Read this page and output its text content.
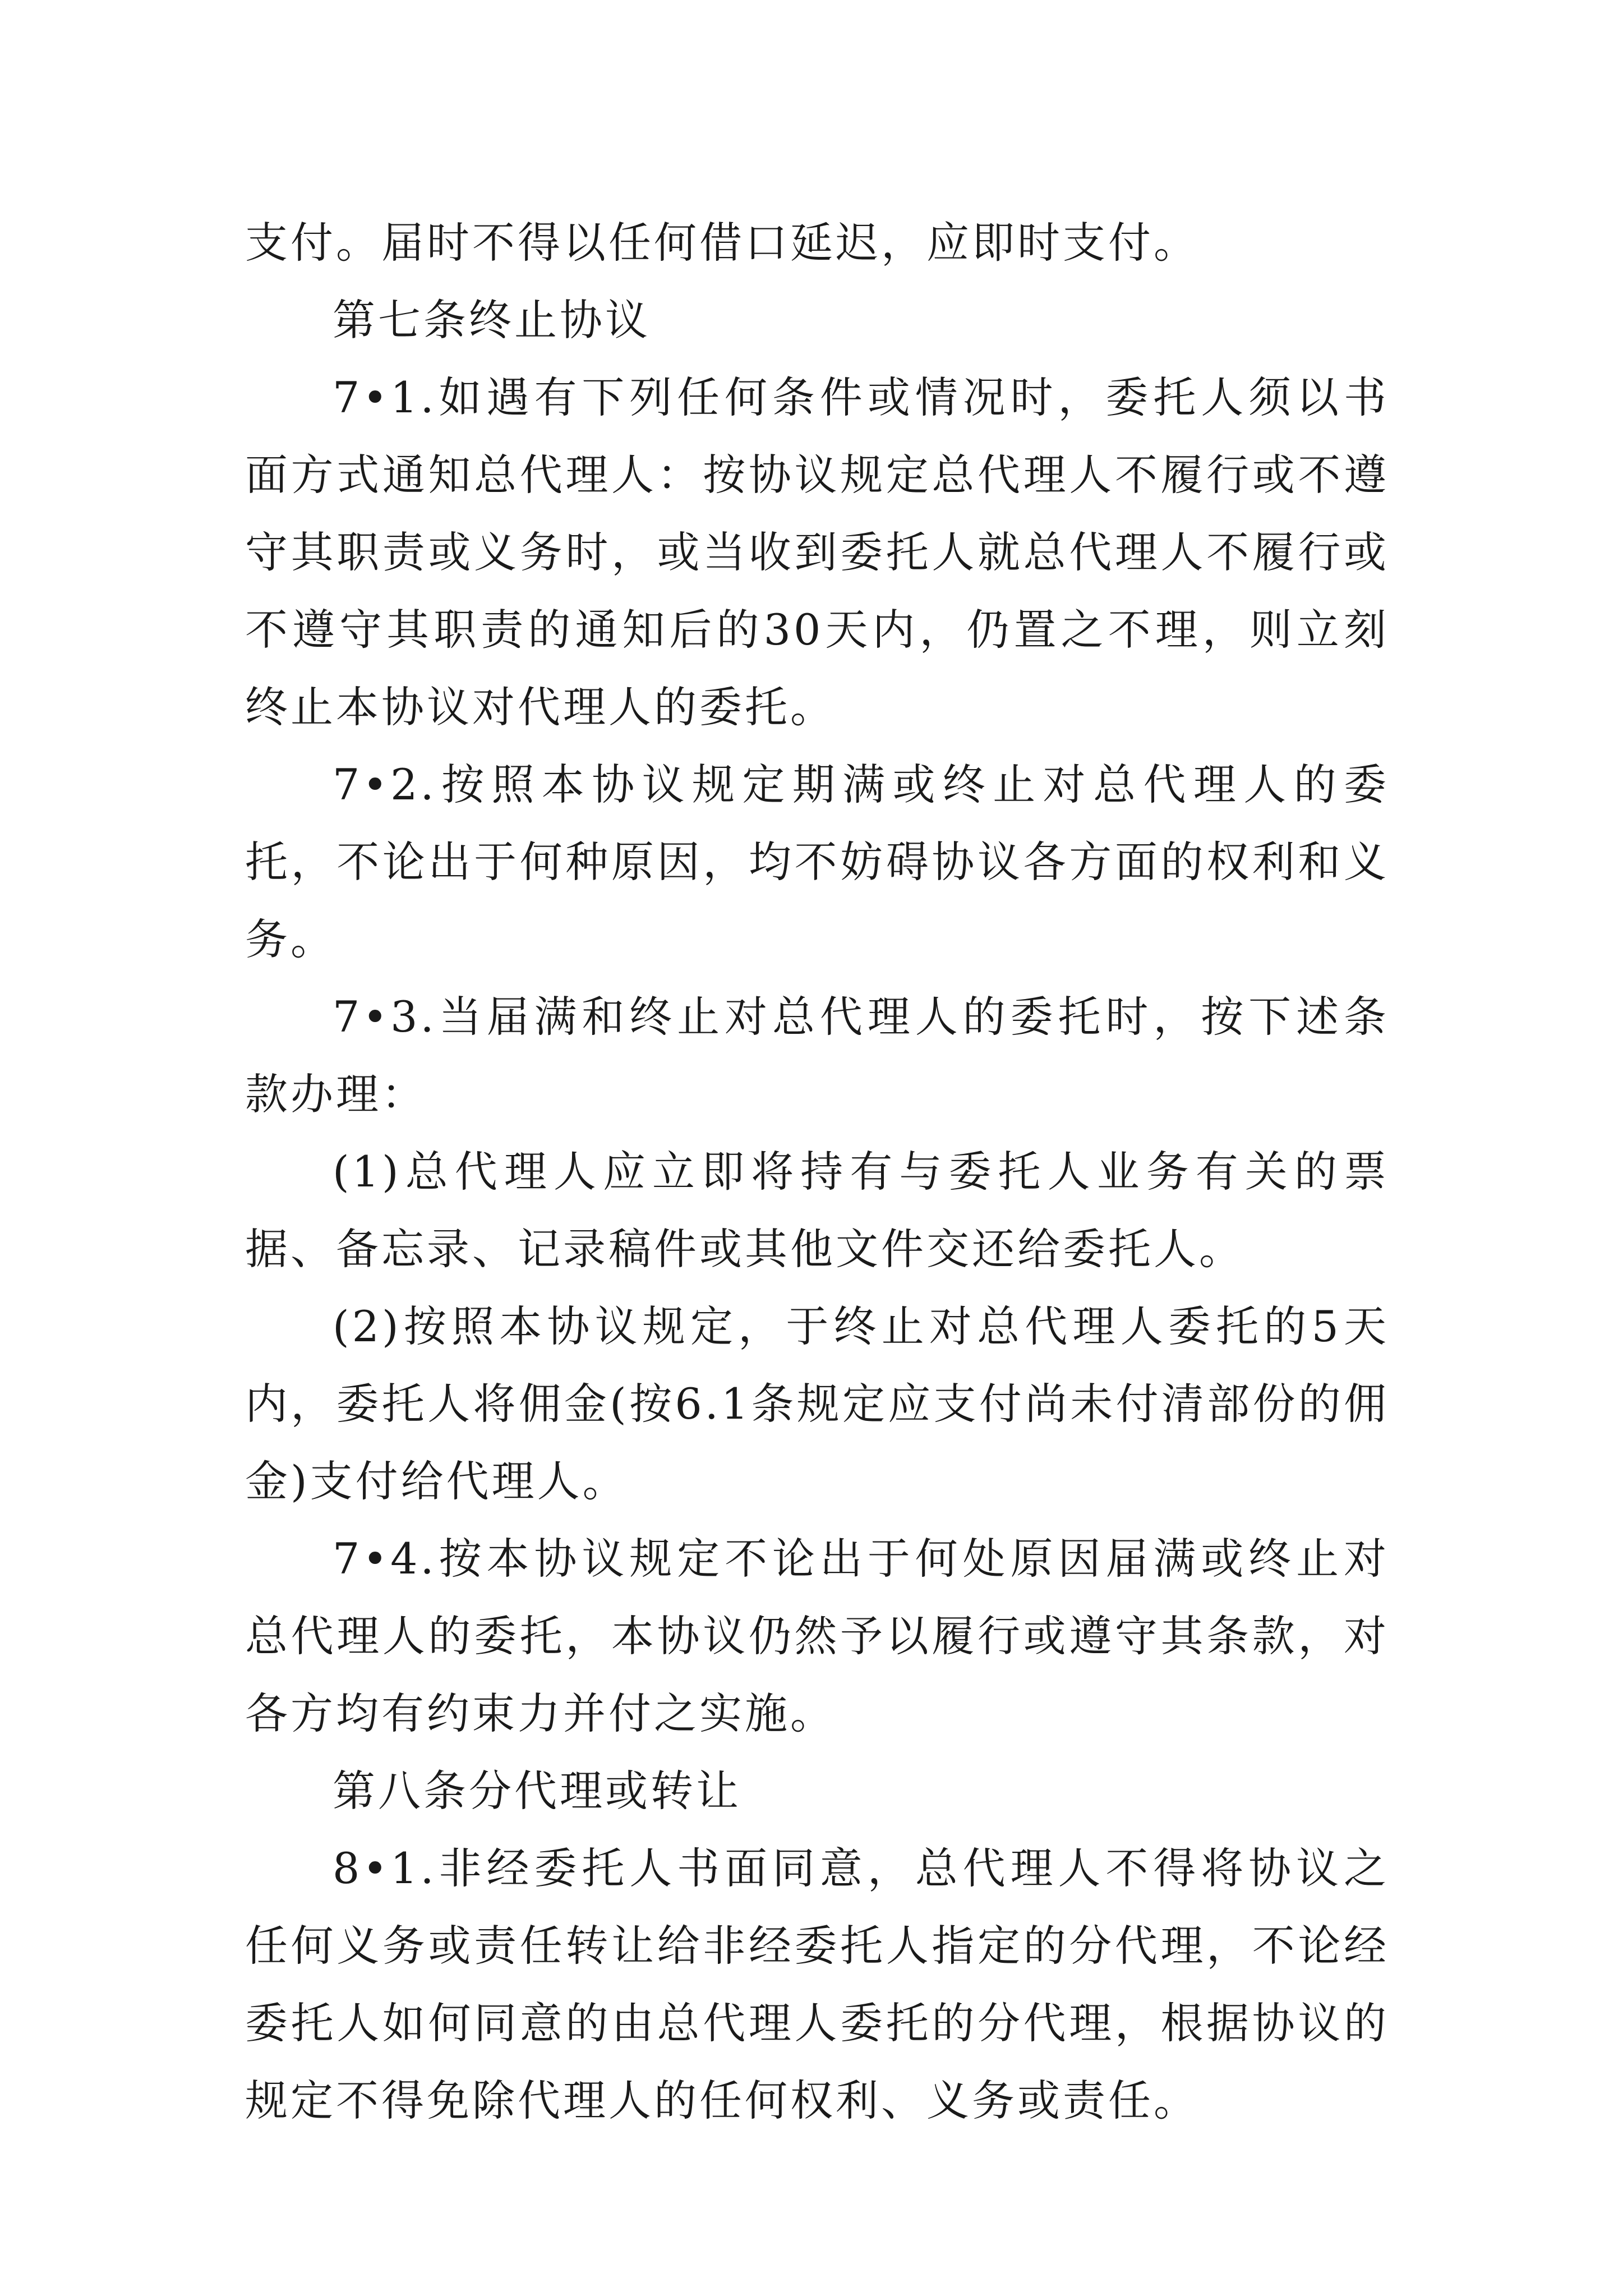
支付。届时不得以任何借口延迟，应即时支付。

第七条终止协议

7•1.如遇有下列任何条件或情况时，委托人须以书面方式通知总代理人：按协议规定总代理人不履行或不遵守其职责或义务时，或当收到委托人就总代理人不履行或不遵守其职责的通知后的30天内，仍置之不理，则立刻终止本协议对代理人的委托。

7•2.按照本协议规定期满或终止对总代理人的委托，不论出于何种原因，均不妨碍协议各方面的权利和义务。

7•3.当届满和终止对总代理人的委托时，按下述条款办理：

(1)总代理人应立即将持有与委托人业务有关的票据、备忘录、记录稿件或其他文件交还给委托人。

(2)按照本协议规定，于终止对总代理人委托的5天内，委托人将佣金(按6.1条规定应支付尚未付清部份的佣金)支付给代理人。

7•4.按本协议规定不论出于何处原因届满或终止对总代理人的委托，本协议仍然予以履行或遵守其条款，对各方均有约束力并付之实施。

第八条分代理或转让

8•1.非经委托人书面同意，总代理人不得将协议之任何义务或责任转让给非经委托人指定的分代理，不论经委托人如何同意的由总代理人委托的分代理，根据协议的规定不得免除代理人的任何权利、义务或责任。
